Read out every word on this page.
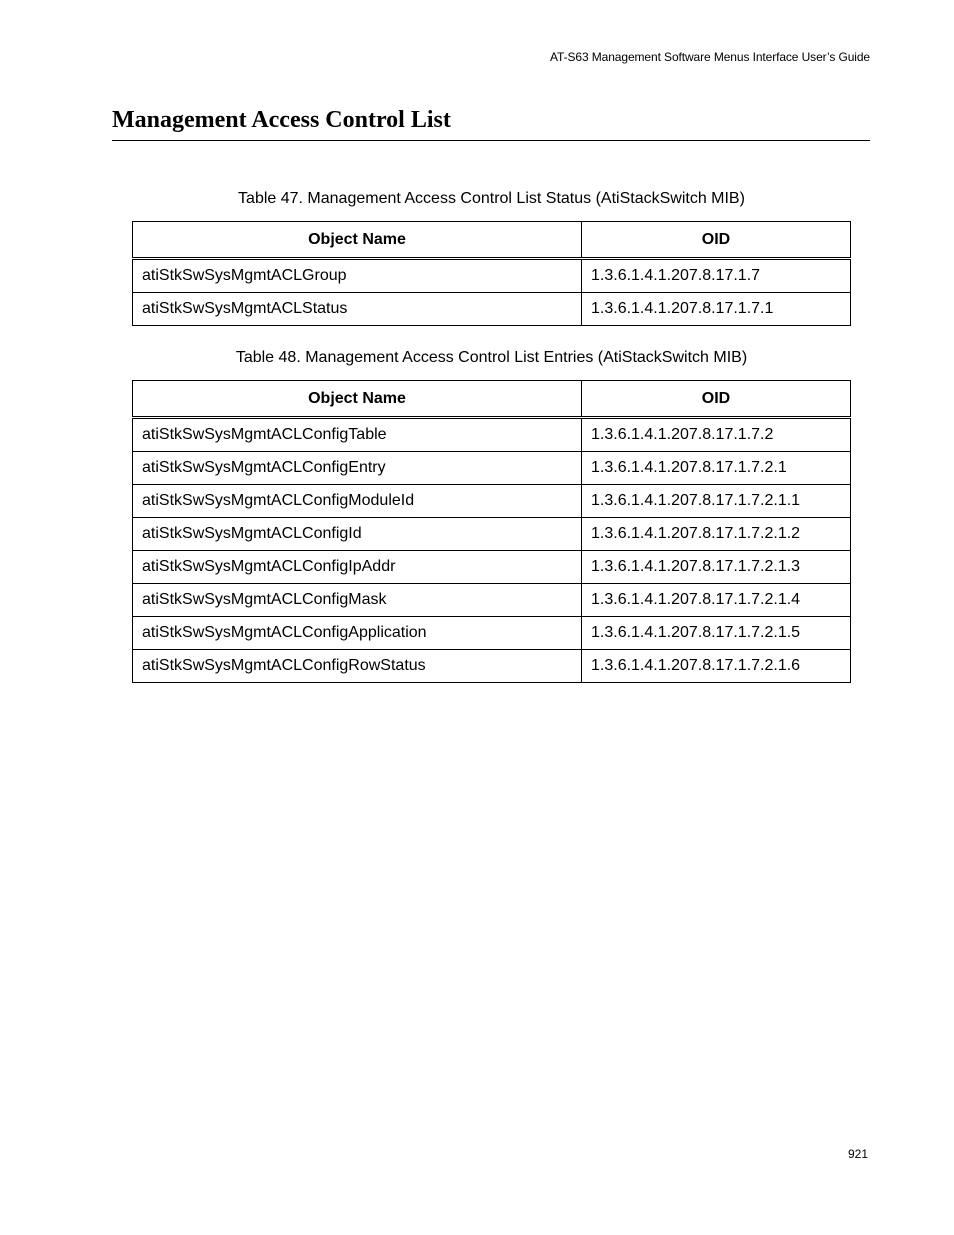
AT-S63 Management Software Menus Interface User’s Guide
Management Access Control List
Table 47. Management Access Control List Status (AtiStackSwitch MIB)
Object Name	OID
atiStkSwSysMgmtACLGroup	1.3.6.1.4.1.207.8.17.1.7
atiStkSwSysMgmtACLStatus	1.3.6.1.4.1.207.8.17.1.7.1
Table 48. Management Access Control List Entries (AtiStackSwitch MIB)
Object Name	OID
atiStkSwSysMgmtACLConfigTable	1.3.6.1.4.1.207.8.17.1.7.2
atiStkSwSysMgmtACLConfigEntry	1.3.6.1.4.1.207.8.17.1.7.2.1
atiStkSwSysMgmtACLConfigModuleId	1.3.6.1.4.1.207.8.17.1.7.2.1.1
atiStkSwSysMgmtACLConfigId	1.3.6.1.4.1.207.8.17.1.7.2.1.2
atiStkSwSysMgmtACLConfigIpAddr	1.3.6.1.4.1.207.8.17.1.7.2.1.3
atiStkSwSysMgmtACLConfigMask	1.3.6.1.4.1.207.8.17.1.7.2.1.4
atiStkSwSysMgmtACLConfigApplication	1.3.6.1.4.1.207.8.17.1.7.2.1.5
atiStkSwSysMgmtACLConfigRowStatus	1.3.6.1.4.1.207.8.17.1.7.2.1.6
921
